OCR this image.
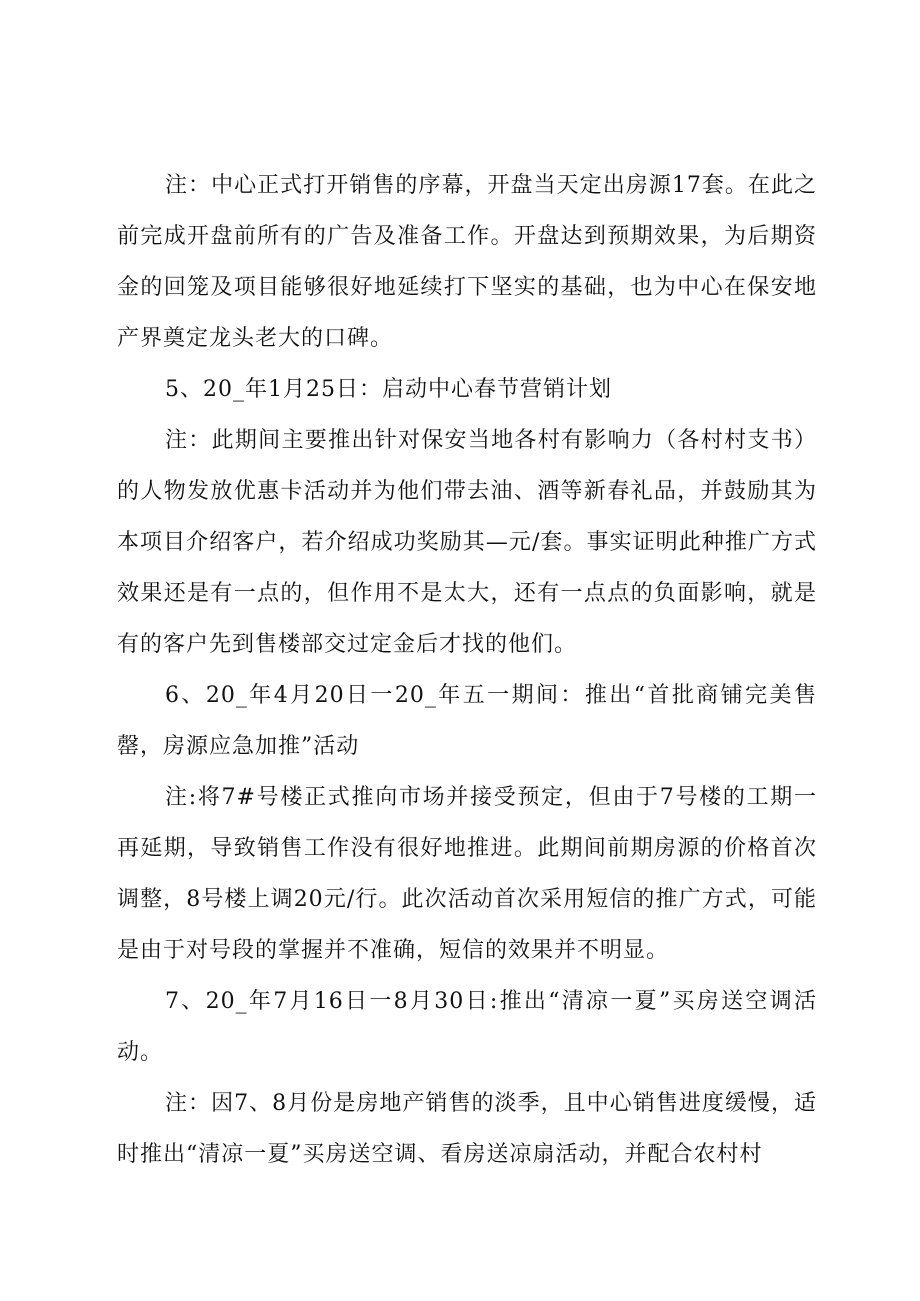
注：中心正式打开销售的序幕，开盘当天定出房源17套。在此之前完成开盘前所有的广告及准备工作。开盘达到预期效果，为后期资金的回笼及项目能够很好地延续打下坚实的基础，也为中心在保安地产界奠定龙头老大的口碑。

5、20_年1月25日：启动中心春节营销计划

注：此期间主要推出针对保安当地各村有影响力（各村村支书）的人物发放优惠卡活动并为他们带去油、酒等新春礼品，并鼓励其为本项目介绍客户，若介绍成功奖励其—元/套。事实证明此种推广方式效果还是有一点的，但作用不是太大，还有一点点的负面影响，就是有的客户先到售楼部交过定金后才找的他们。

6、20_年4月20日一20_年五一期间：推出“首批商铺完美售罄，房源应急加推”活动

注:将7#号楼正式推向市场并接受预定，但由于7号楼的工期一再延期，导致销售工作没有很好地推进。此期间前期房源的价格首次调整，8号楼上调20元/行。此次活动首次采用短信的推广方式，可能是由于对号段的掌握并不准确，短信的效果并不明显。

7、20_年7月16日一8月30日:推出“清凉一夏”买房送空调活动。

注：因7、8月份是房地产销售的淡季，且中心销售进度缓慢，适时推出“清凉一夏”买房送空调、看房送凉扇活动，并配合农村村
